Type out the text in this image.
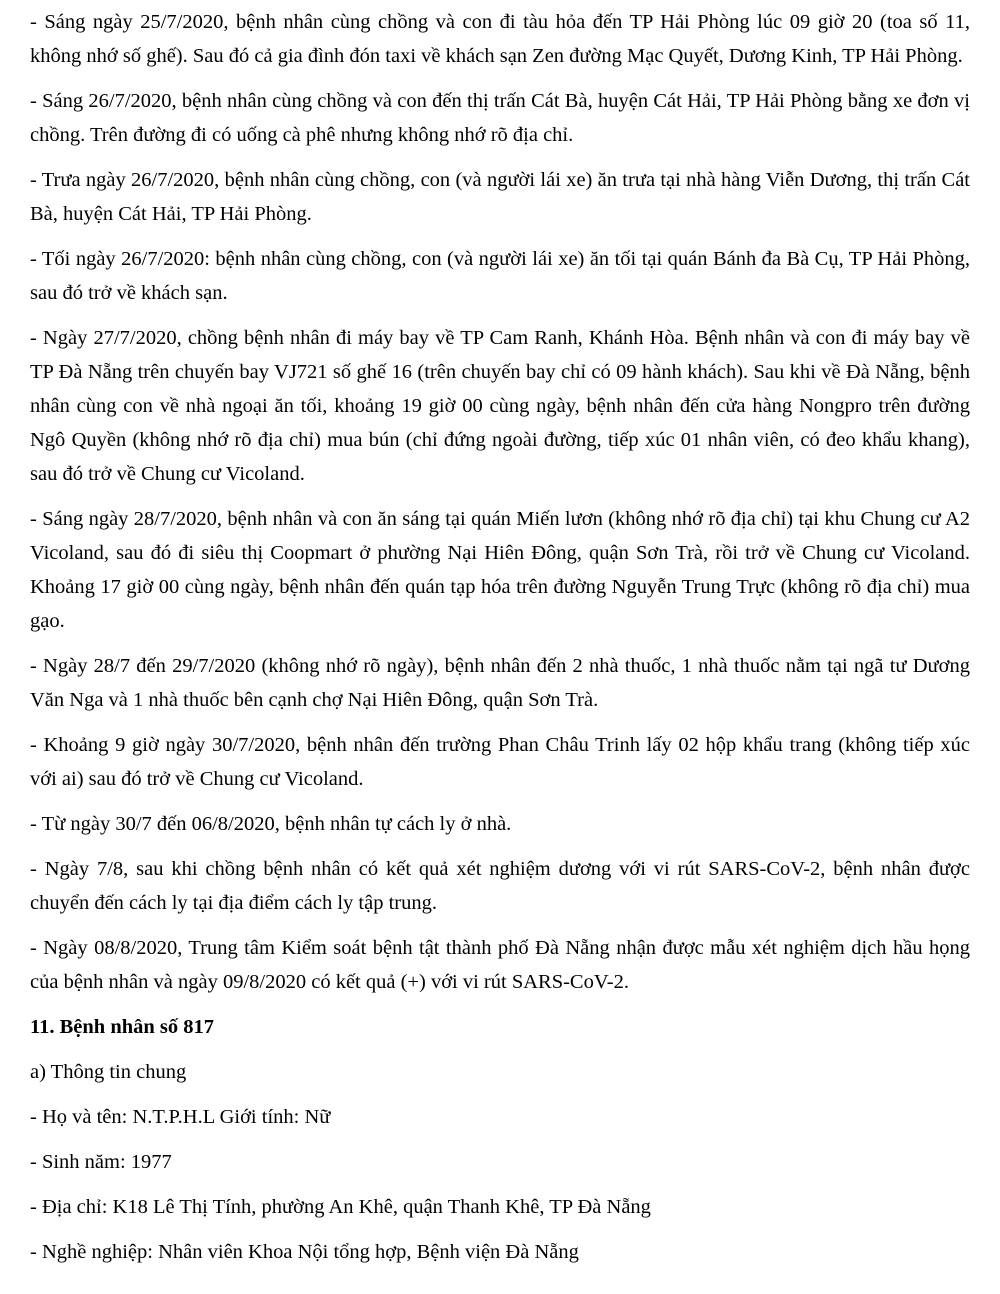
- Sáng ngày 25/7/2020, bệnh nhân cùng chồng và con đi tàu hỏa đến TP Hải Phòng lúc 09 giờ 20 (toa số 11, không nhớ số ghế). Sau đó cả gia đình đón taxi về khách sạn Zen đường Mạc Quyết, Dương Kinh, TP Hải Phòng.

- Sáng 26/7/2020, bệnh nhân cùng chồng và con đến thị trấn Cát Bà, huyện Cát Hải, TP Hải Phòng bằng xe đơn vị chồng. Trên đường đi có uống cà phê nhưng không nhớ rõ địa chỉ.

- Trưa ngày 26/7/2020, bệnh nhân cùng chồng, con (và người lái xe) ăn trưa tại nhà hàng Viễn Dương, thị trấn Cát Bà, huyện Cát Hải, TP Hải Phòng.

- Tối ngày 26/7/2020: bệnh nhân cùng chồng, con (và người lái xe) ăn tối tại quán Bánh đa Bà Cụ, TP Hải Phòng, sau đó trở về khách sạn.

- Ngày 27/7/2020, chồng bệnh nhân đi máy bay về TP Cam Ranh, Khánh Hòa. Bệnh nhân và con đi máy bay về TP Đà Nẵng trên chuyến bay VJ721 số ghế 16 (trên chuyến bay chỉ có 09 hành khách). Sau khi về Đà Nẵng, bệnh nhân cùng con về nhà ngoại ăn tối, khoảng 19 giờ 00 cùng ngày, bệnh nhân đến cửa hàng Nongpro trên đường Ngô Quyền (không nhớ rõ địa chỉ) mua bún (chỉ đứng ngoài đường, tiếp xúc 01 nhân viên, có đeo khẩu khang), sau đó trở về Chung cư Vicoland.

- Sáng ngày 28/7/2020, bệnh nhân và con ăn sáng tại quán Miến lươn (không nhớ rõ địa chỉ) tại khu Chung cư A2 Vicoland, sau đó đi siêu thị Coopmart ở phường Nại Hiên Đông, quận Sơn Trà, rồi trở về Chung cư Vicoland. Khoảng 17 giờ 00 cùng ngày, bệnh nhân đến quán tạp hóa trên đường Nguyễn Trung Trực (không rõ địa chỉ) mua gạo.

- Ngày 28/7 đến 29/7/2020 (không nhớ rõ ngày), bệnh nhân đến 2 nhà thuốc, 1 nhà thuốc nằm tại ngã tư Dương Văn Nga và 1 nhà thuốc bên cạnh chợ Nại Hiên Đông, quận Sơn Trà.

- Khoảng 9 giờ ngày 30/7/2020, bệnh nhân đến trường Phan Châu Trinh lấy 02 hộp khẩu trang (không tiếp xúc với ai) sau đó trở về Chung cư Vicoland.

- Từ ngày 30/7 đến 06/8/2020, bệnh nhân tự cách ly ở nhà.

- Ngày 7/8, sau khi chồng bệnh nhân có kết quả xét nghiệm dương với vi rút SARS-CoV-2, bệnh nhân được chuyển đến cách ly tại địa điểm cách ly tập trung.

- Ngày 08/8/2020, Trung tâm Kiểm soát bệnh tật thành phố Đà Nẵng nhận được mẫu xét nghiệm dịch hầu họng của bệnh nhân và ngày 09/8/2020 có kết quả (+) với vi rút SARS-CoV-2.

11. Bệnh nhân số 817

a) Thông tin chung

- Họ và tên: N.T.P.H.L Giới tính: Nữ

- Sinh năm: 1977

- Địa chỉ: K18 Lê Thị Tính, phường An Khê, quận Thanh Khê, TP Đà Nẵng

- Nghề nghiệp: Nhân viên Khoa Nội tổng hợp, Bệnh viện Đà Nẵng
